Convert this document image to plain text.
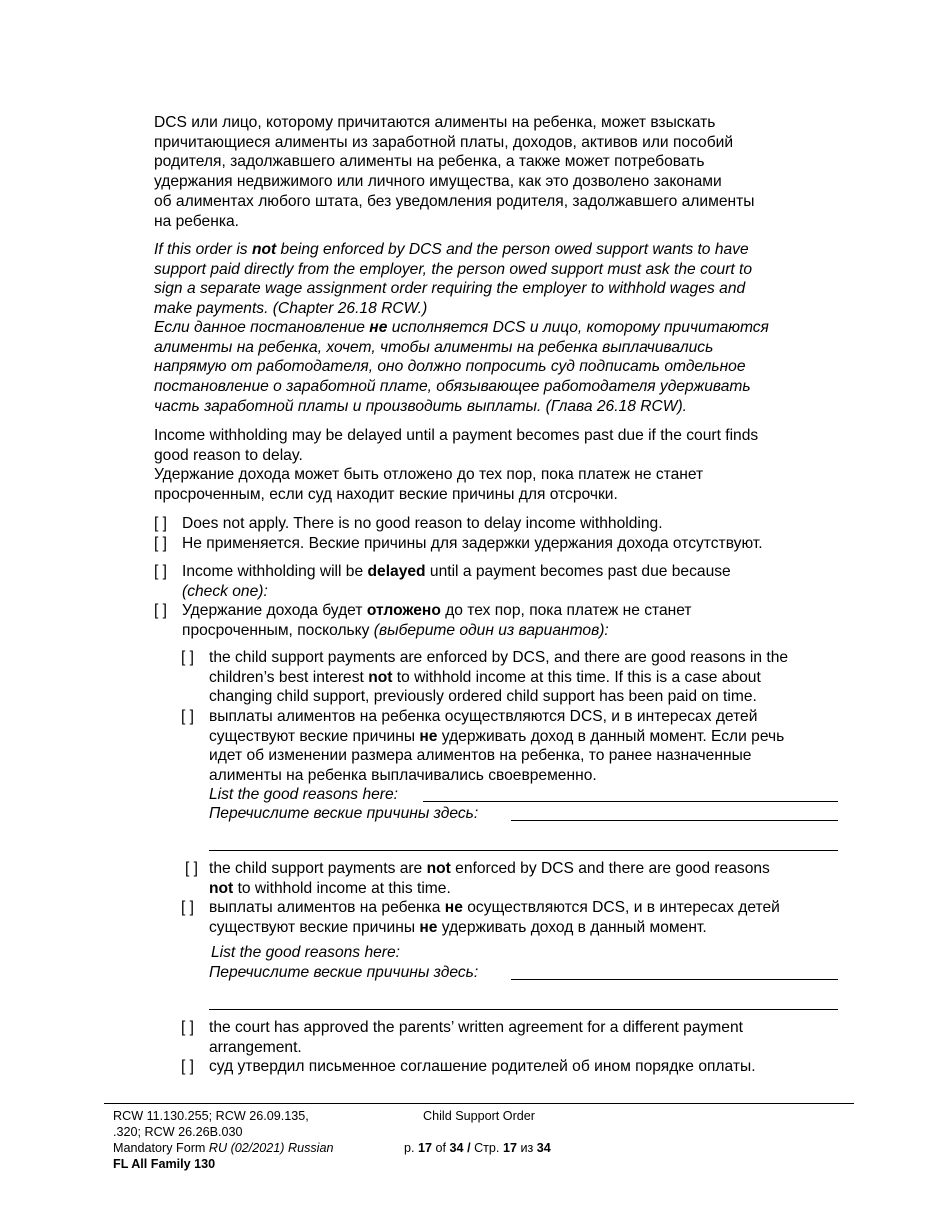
DCS или лицо, которому причитаются алименты на ребенка, может взыскать
причитающиеся алименты из заработной платы, доходов, активов или пособий
родителя, задолжавшего алименты на ребенка, а также может потребовать
удержания недвижимого или личного имущества, как это дозволено законами
об алиментах любого штата, без уведомления родителя, задолжавшего алименты
на ребенка.
If this order is not being enforced by DCS and the person owed support wants to have
support paid directly from the employer, the person owed support must ask the court to
sign a separate wage assignment order requiring the employer to withhold wages and
make payments. (Chapter 26.18 RCW.)
Если данное постановление не исполняется DCS и лицо, которому причитаются
алименты на ребенка, хочет, чтобы алименты на ребенка выплачивались
напрямую от работодателя, оно должно попросить суд подписать отдельное
постановление о заработной плате, обязывающее работодателя удерживать
часть заработной платы и производить выплаты. (Глава 26.18 RCW).
Income withholding may be delayed until a payment becomes past due if the court finds
good reason to delay.
Удержание дохода может быть отложено до тех пор, пока платеж не станет
просроченным, если суд находит веские причины для отсрочки.
[ ] Does not apply. There is no good reason to delay income withholding.
[ ] Не применяется. Веские причины для задержки удержания дохода отсутствуют.
[ ] Income withholding will be delayed until a payment becomes past due because
(check one):
[ ] Удержание дохода будет отложено до тех пор, пока платеж не станет
просроченным, поскольку (выберите один из вариантов):
[ ] the child support payments are enforced by DCS, and there are good reasons in the
children’s best interest not to withhold income at this time. If this is a case about
changing child support, previously ordered child support has been paid on time.
[ ] выплаты алиментов на ребенка осуществляются DCS, и в интересах детей
существуют веские причины не удерживать доход в данный момент. Если речь
идет об изменении размера алиментов на ребенка, то ранее назначенные
алименты на ребенка выплачивались своевременно.
List the good reasons here:
Перечислите веские причины здесь:
[ ] the child support payments are not enforced by DCS and there are good reasons
not to withhold income at this time.
[ ] выплаты алиментов на ребенка не осуществляются DCS, и в интересах детей
существуют веские причины не удерживать доход в данный момент.
List the good reasons here:
Перечислите веские причины здесь:
[ ] the court has approved the parents’ written agreement for a different payment
arrangement.
[ ] суд утвердил письменное соглашение родителей об ином порядке оплаты.
RCW 11.130.255; RCW 26.09.135,
.320; RCW 26.26B.030
Mandatory Form RU (02/2021) Russian
FL All Family 130
Child Support Order
p. 17 of 34 / Стр. 17 из 34
